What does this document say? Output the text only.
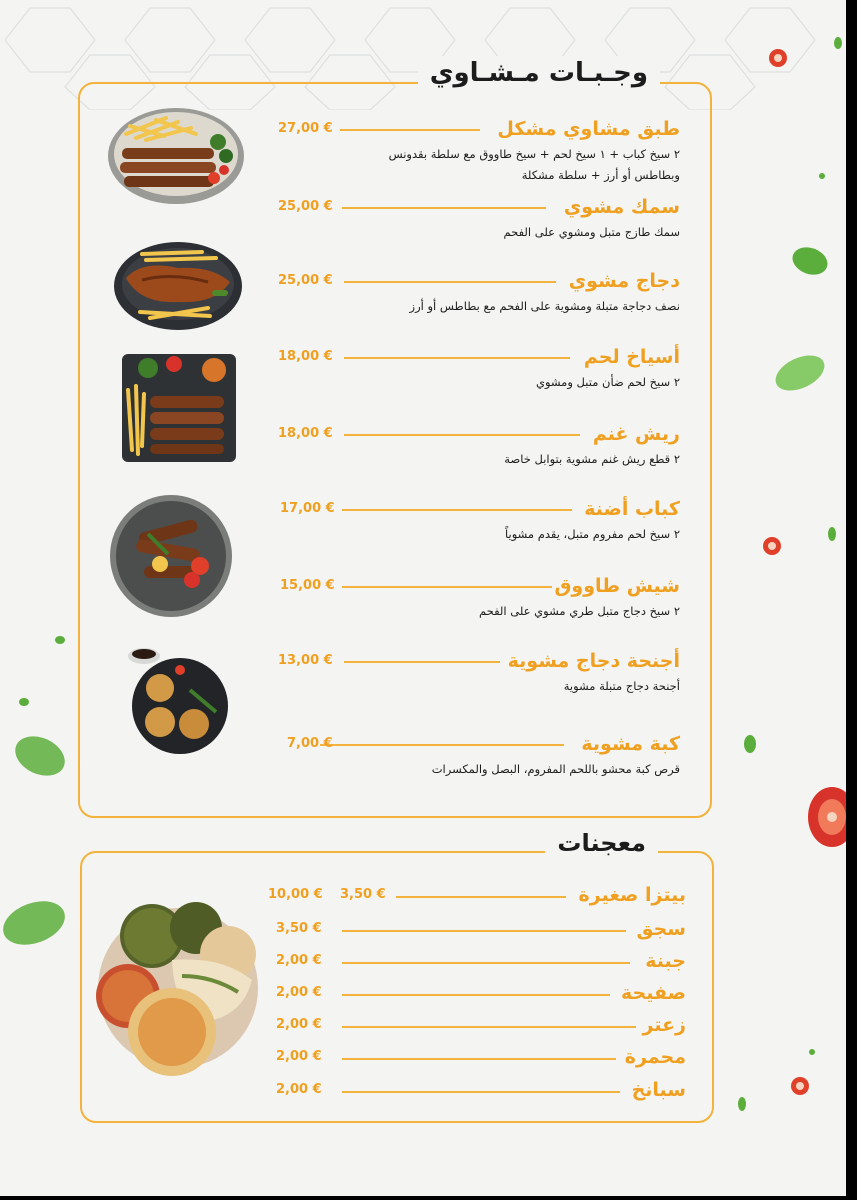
وجـبـات مـشـاوي
طبق مشاوي مشكل
27,00 €
٢ سيخ كباب + ١ سيخ لحم + سيخ طاووق مع سلطة بقدونس
وبطاطس أو أرز + سلطة مشكلة
سمك مشوي
25,00 €
سمك طازج متبل ومشوي على الفحم
دجاج مشوي
25,00 €
نصف دجاجة متبلة ومشوية على الفحم مع بطاطس أو أرز
أسياخ لحم
18,00 €
٢ سيخ لحم ضأن متبل ومشوي
ريش غنم
18,00 €
٢ قطع ريش غنم مشوية بتوابل خاصة
كباب أضنة
17,00 €
٢ سيخ لحم مفروم متبل، يقدم مشوياً
شيش طاووق
15,00 €
٢ سيخ دجاج متبل طري مشوي على الفحم
أجنحة دجاج مشوية
13,00 €
أجنحة دجاج متبلة مشوية
كبة مشوية
7,00 €
قرص كبة محشو باللحم المفروم، البصل والمكسرات
معجنات
بيتزا صغيرة
3,50 €
10,00 €
سجق
3,50 €
جبنة
2,00 €
صفيحة
2,00 €
زعتر
2,00 €
محمرة
2,00 €
سبانخ
2,00 €
